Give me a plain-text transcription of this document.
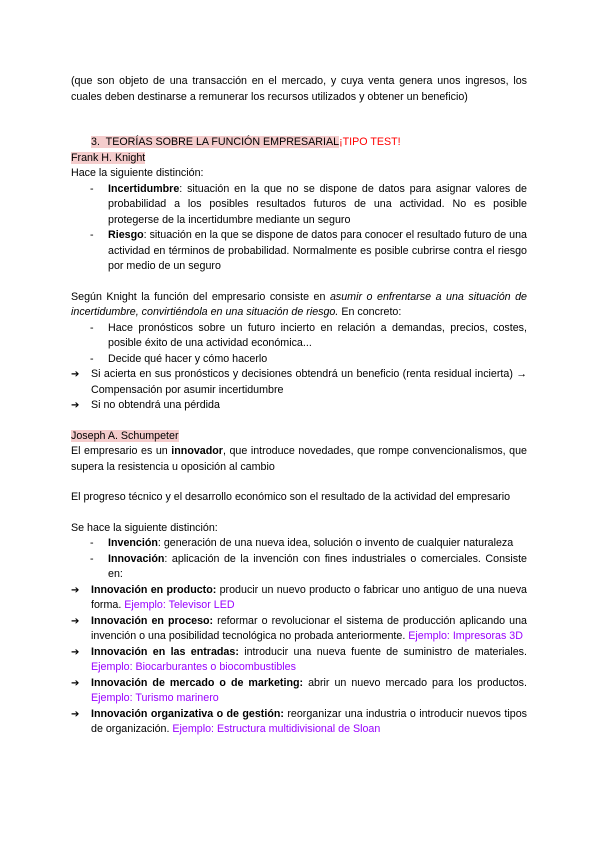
(que son objeto de una transacción en el mercado, y cuya venta genera unos ingresos, los cuales deben destinarse a remunerar los recursos utilizados y obtener un beneficio)

3. TEORÍAS SOBRE LA FUNCIÓN EMPRESARIAL¡TIPO TEST!

Frank H. Knight

Hace la siguiente distinción:

- Incertidumbre: situación en la que no se dispone de datos para asignar valores de probabilidad a los posibles resultados futuros de una actividad. No es posible protegerse de la incertidumbre mediante un seguro
- Riesgo: situación en la que se dispone de datos para conocer el resultado futuro de una actividad en términos de probabilidad. Normalmente es posible cubrirse contra el riesgo por medio de un seguro

Según Knight la función del empresario consiste en asumir o enfrentarse a una situación de incertidumbre, convirtiéndola en una situación de riesgo. En concreto:

- Hace pronósticos sobre un futuro incierto en relación a demandas, precios, costes, posible éxito de una actividad económica...
- Decide qué hacer y cómo hacerlo
➔ Si acierta en sus pronósticos y decisiones obtendrá un beneficio (renta residual incierta) → Compensación por asumir incertidumbre
➔ Si no obtendrá una pérdida

Joseph A. Schumpeter

El empresario es un innovador, que introduce novedades, que rompe convencionalismos, que supera la resistencia u oposición al cambio

El progreso técnico y el desarrollo económico son el resultado de la actividad del empresario

Se hace la siguiente distinción:

- Invención: generación de una nueva idea, solución o invento de cualquier naturaleza
- Innovación: aplicación de la invención con fines industriales o comerciales. Consiste en:
➔ Innovación en producto: producir un nuevo producto o fabricar uno antiguo de una nueva forma. Ejemplo: Televisor LED
➔ Innovación en proceso: reformar o revolucionar el sistema de producción aplicando una invención o una posibilidad tecnológica no probada anteriormente. Ejemplo: Impresoras 3D
➔ Innovación en las entradas: introducir una nueva fuente de suministro de materiales. Ejemplo: Biocarburantes o biocombustibles
➔ Innovación de mercado o de marketing: abrir un nuevo mercado para los productos. Ejemplo: Turismo marinero
➔ Innovación organizativa o de gestión: reorganizar una industria o introducir nuevos tipos de organización. Ejemplo: Estructura multidivisional de Sloan
